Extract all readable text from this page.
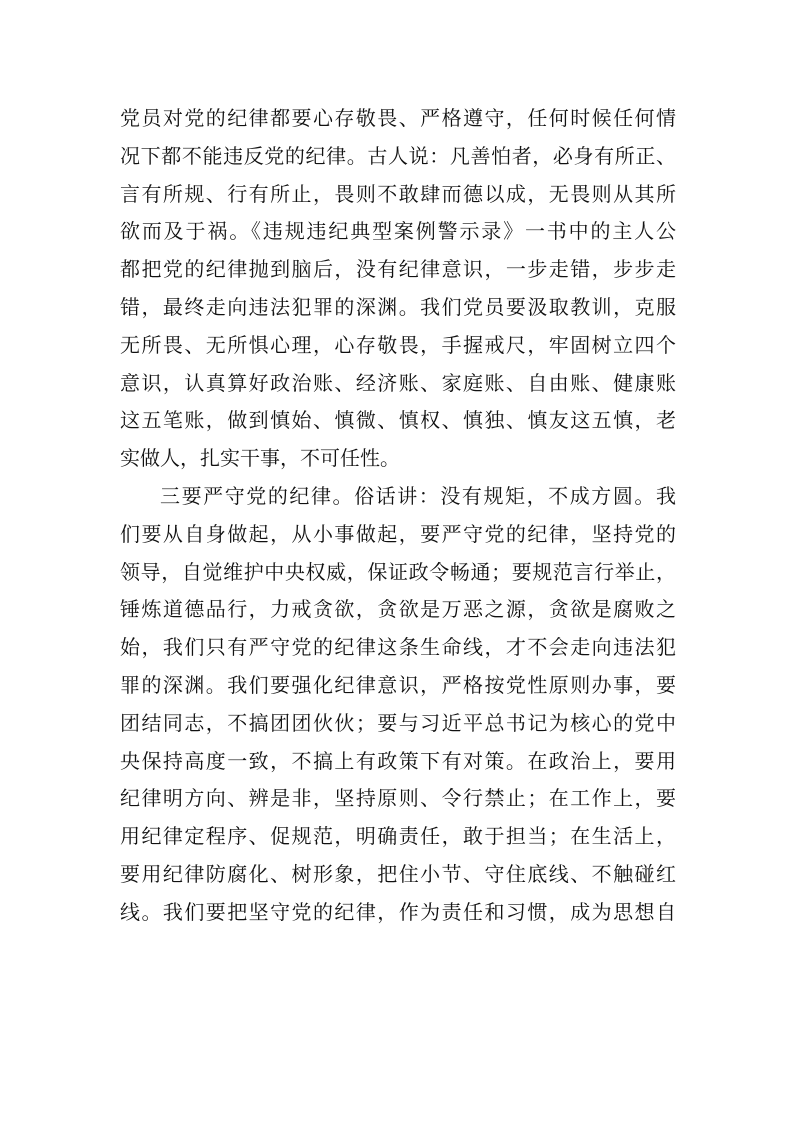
党员对党的纪律都要心存敬畏、严格遵守，任何时候任何情
况下都不能违反党的纪律。古人说：凡善怕者，必身有所正、
言有所规、行有所止，畏则不敢肆而德以成，无畏则从其所
欲而及于祸。《违规违纪典型案例警示录》一书中的主人公
都把党的纪律抛到脑后，没有纪律意识，一步走错，步步走
错，最终走向违法犯罪的深渊。我们党员要汲取教训，克服
无所畏、无所惧心理，心存敬畏，手握戒尺，牢固树立四个
意识，认真算好政治账、经济账、家庭账、自由账、健康账
这五笔账，做到慎始、慎微、慎权、慎独、慎友这五慎，老
实做人，扎实干事，不可任性。
三要严守党的纪律。俗话讲：没有规矩，不成方圆。我
们要从自身做起，从小事做起，要严守党的纪律，坚持党的
领导，自觉维护中央权威，保证政令畅通；要规范言行举止，
锤炼道德品行，力戒贪欲，贪欲是万恶之源，贪欲是腐败之
始，我们只有严守党的纪律这条生命线，才不会走向违法犯
罪的深渊。我们要强化纪律意识，严格按党性原则办事，要
团结同志，不搞团团伙伙；要与习近平总书记为核心的党中
央保持高度一致，不搞上有政策下有对策。在政治上，要用
纪律明方向、辨是非，坚持原则、令行禁止；在工作上，要
用纪律定程序、促规范，明确责任，敢于担当；在生活上，
要用纪律防腐化、树形象，把住小节、守住底线、不触碰红
线。我们要把坚守党的纪律，作为责任和习惯，成为思想自
